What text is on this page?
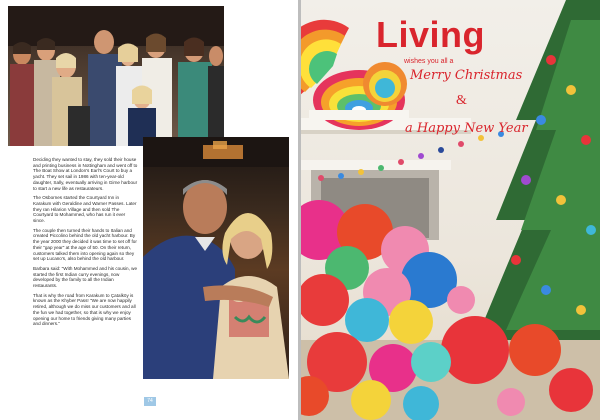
Deciding they wanted to stay, they sold their house and printing business in Nottingham and went off to The Boat Show at London's Earl's Court to buy a yacht. They set sail in 1986 with ten-year-old daughter, Sally, eventually arriving in Girne harbour to start a new life as restaurateurs.

The Osbornes started the Courtyard Inn in Karakum with Geraldine and Warner Passes. Later they ran Hilarion Village and then sold The Courtyard to Mohammed, who has run it ever since.

The couple then turned their hands to Italian and created Piccolino behind the old yacht harbour. By the year 2000 they decided it was time to set off for their "gap year" at the age of 50. On their return, customers talked them into opening again so they set up Lucano's, also behind the old harbour.

Barbara said: "With Mohammed and his cousin, we started the first Indian curry evenings, now developed by the family to all the Indian restaurants.

That is why the road from Karakum to Çatalköy is known as the Khyber Pass! "We are now happily retired, although we do miss our customers and all the fun we had together, so that is why we enjoy opening our home to friends giving many parties and dinners."

74
Living
wishes you all a
Merry Christmas
&
a Happy New Year
